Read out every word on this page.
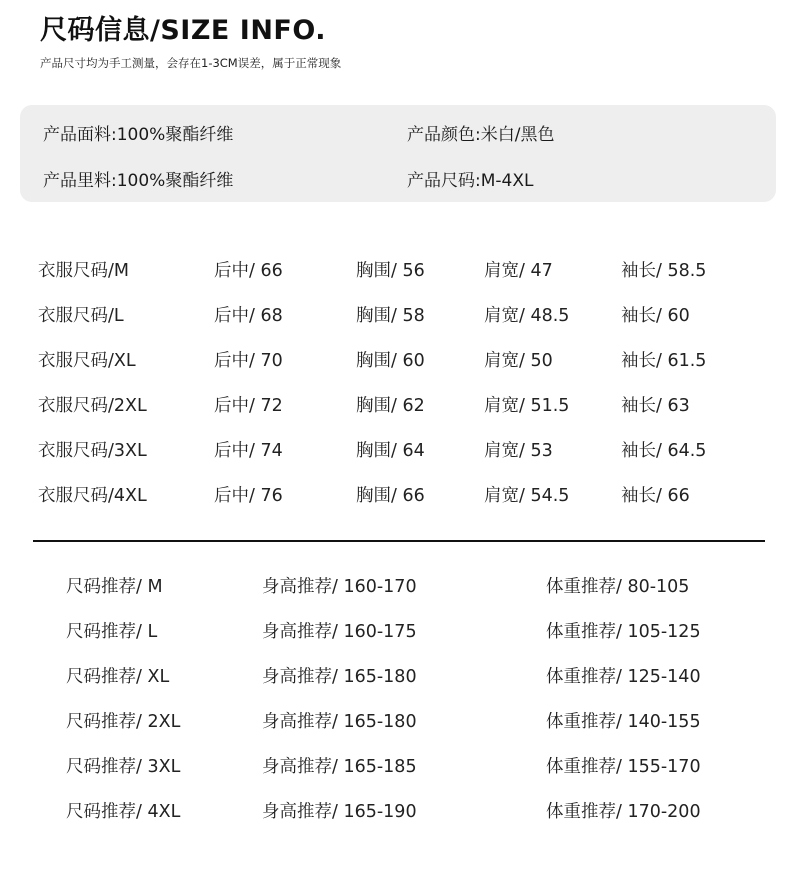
尺码信息/SIZE INFO.
产品尺寸均为手工测量，会存在1-3CM误差，属于正常现象
产品面料:100%聚酯纤维	产品颜色:米白/黑色
产品里料:100%聚酯纤维	产品尺码:M-4XL
衣服尺码/M	后中/ 66	胸围/ 56	肩宽/ 47	袖长/ 58.5
衣服尺码/L	后中/ 68	胸围/ 58	肩宽/ 48.5	袖长/ 60
衣服尺码/XL	后中/ 70	胸围/ 60	肩宽/ 50	袖长/ 61.5
衣服尺码/2XL	后中/ 72	胸围/ 62	肩宽/ 51.5	袖长/ 63
衣服尺码/3XL	后中/ 74	胸围/ 64	肩宽/ 53	袖长/ 64.5
衣服尺码/4XL	后中/ 76	胸围/ 66	肩宽/ 54.5	袖长/ 66
尺码推荐/ M	身高推荐/ 160-170	体重推荐/ 80-105
尺码推荐/ L	身高推荐/ 160-175	体重推荐/ 105-125
尺码推荐/ XL	身高推荐/ 165-180	体重推荐/ 125-140
尺码推荐/ 2XL	身高推荐/ 165-180	体重推荐/ 140-155
尺码推荐/ 3XL	身高推荐/ 165-185	体重推荐/ 155-170
尺码推荐/ 4XL	身高推荐/ 165-190	体重推荐/ 170-200
